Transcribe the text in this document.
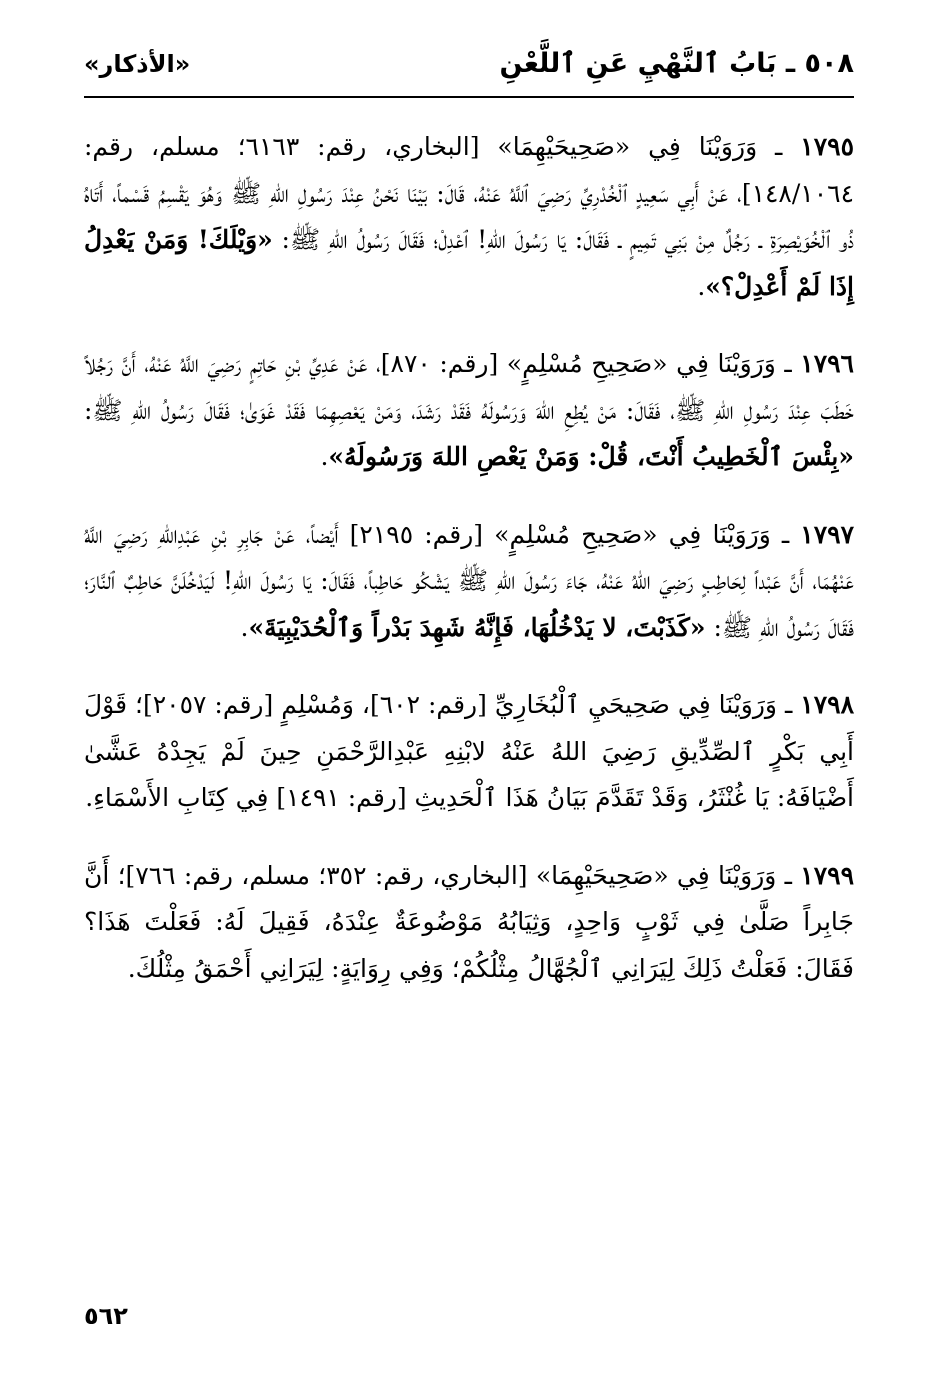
٥٠٨ ـ بَابُ ٱلنَّهْيِ عَنِ ٱللَّعْنِ
«الأذكار»

١٧٩٥ ـ وَرَوَيْنَا فِي «صَحِيحَيْهِمَا» [البخاري، رقم: ٦١٦٣؛ مسلم، رقم: ١٤٨/١٠٦٤]، عَنْ أَبِي سَعِيدٍ ٱلْخُدْرِيِّ رَضِيَ ٱللَّهُ عَنْهُ، قَالَ: بَيْنَا نَحْنُ عِنْدَ رَسُولِ اللهِ ﷺ وَهُوَ يَقْسِمُ قَسْماً، أَتَاهُ ذُو ٱلْخُوَيْصِرَةِ ـ رَجُلٌ مِنْ بَنِي تَمِيمٍ ـ فَقَالَ: يَا رَسُولَ اللهِ! ٱعْدِلْ؛ فَقَالَ رَسُولُ اللهِ ﷺ: «وَيْلَكَ! وَمَنْ يَعْدِلُ إِذَا لَمْ أَعْدِلْ؟».

١٧٩٦ ـ وَرَوَيْنَا فِي «صَحِيحِ مُسْلِمٍ» [رقم: ٨٧٠]، عَنْ عَدِيِّ بْنِ حَاتِمٍ رَضِيَ اللَّهُ عَنْهُ، أَنَّ رَجُلاً خَطَبَ عِنْدَ رَسُولِ اللهِ ﷺ، فَقَالَ: مَنْ يُطِعِ اللهَ وَرَسُولَهُ فَقَدْ رَشَدَ، وَمَنْ يَعْصِهِمَا فَقَدْ غَوَىٰ؛ فَقَالَ رَسُولُ اللهِ ﷺ: «بِئْسَ ٱلْخَطِيبُ أَنْتَ، قُلْ: وَمَنْ يَعْصِ اللهَ وَرَسُولَهُ».

١٧٩٧ ـ وَرَوَيْنَا فِي «صَحِيحِ مُسْلِمٍ» [رقم: ٢١٩٥] أَيْضاً، عَنْ جَابِرِ بْنِ عَبْدِاللهِ رَضِيَ اللَّهُ عَنْهُمَا، أَنَّ عَبْداً لِحَاطِبٍ رَضِيَ اللهُ عَنْهُ، جَاءَ رَسُولَ اللهِ ﷺ يَشْكُو حَاطِباً، فَقَالَ: يَا رَسُولَ اللهِ! لَيَدْخُلَنَّ حَاطِبٌ ٱلنَّارَ؛ فَقَالَ رَسُولُ اللهِ ﷺ: «كَذَبْتَ، لا يَدْخُلُهَا، فَإِنَّهُ شَهِدَ بَدْراً وَٱلْحُدَيْبِيَةَ».

١٧٩٨ ـ وَرَوَيْنَا فِي صَحِيحَيِ ٱلْبُخَارِيِّ [رقم: ٦٠٢]، وَمُسْلِمٍ [رقم: ٢٠٥٧]؛ قَوْلَ أَبِي بَكْرٍ ٱلصِّدِّيقِ رَضِيَ اللهُ عَنْهُ لابْنِهِ عَبْدِالرَّحْمَنِ حِينَ لَمْ يَجِدْهُ عَشَّىٰ أَضْيَافَهُ: يَا غُنْثَرُ، وَقَدْ تَقَدَّمَ بَيَانُ هَذَا ٱلْحَدِيثِ [رقم: ١٤٩١] فِي كِتَابِ الأَسْمَاءِ.

١٧٩٩ ـ وَرَوَيْنَا فِي «صَحِيحَيْهِمَا» [البخاري، رقم: ٣٥٢؛ مسلم، رقم: ٧٦٦]؛ أَنَّ جَابِراً صَلَّىٰ فِي ثَوْبٍ وَاحِدٍ، وَثِيَابُهُ مَوْضُوعَةٌ عِنْدَهُ، فَقِيلَ لَهُ: فَعَلْتَ هَذَا؟ فَقَالَ: فَعَلْتُ ذَلِكَ لِيَرَانِي ٱلْجُهَّالُ مِثْلُكُمْ؛ وَفِي رِوَايَةٍ: لِيَرَانِي أَحْمَقُ مِثْلُكَ.

٥٦٢
